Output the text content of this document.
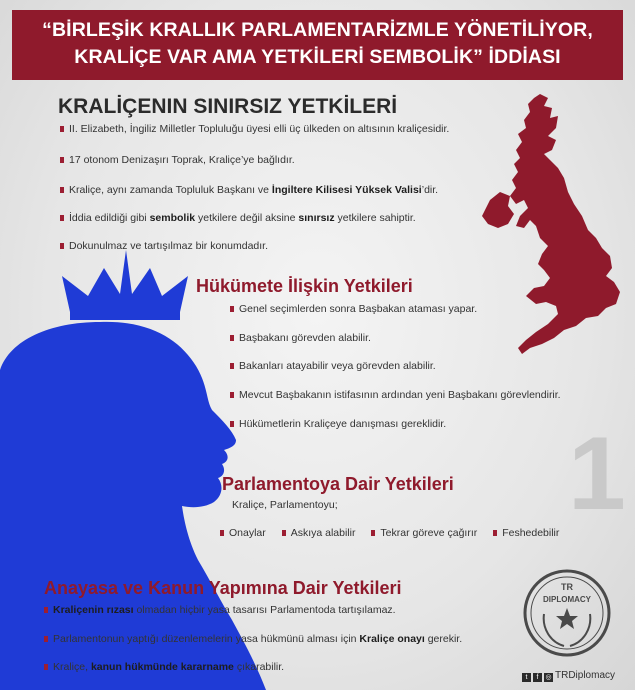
“BİRLEŞİK KRALLIK PARLAMENTARİZMLE YÖNETİLİYOR,
KRALİÇE VAR AMA YETKİLERİ SEMBOLİK” İDDİASI
KRALİÇENIN SINIRSIZ YETKİLERİ
II. Elizabeth, İngiliz Milletler Topluluğu üyesi elli üç ülkeden on altısının kraliçesidir.
17 otonom Denizaşırı Toprak, Kraliçe’ye bağlıdır.
Kraliçe, aynı zamanda Topluluk Başkanı ve İngiltere Kilisesi Yüksek Valisi’dir.
İddia edildiği gibi sembolik yetkilere değil aksine sınırsız yetkilere sahiptir.
Dokunulmaz ve tartışılmaz bir konumdadır.
Hükümete İlişkin Yetkileri
Genel seçimlerden sonra Başbakan ataması yapar.
Başbakanı görevden alabilir.
Bakanları atayabilir veya görevden alabilir.
Mevcut Başbakanın istifasının ardından yeni Başbakanı görevlendirir.
Hükümetlerin Kraliçeye danışması gereklidir. 1
Parlamentoya Dair Yetkileri
Kraliçe, Parlamentoyu;
Onaylar Askıya alabilir Tekrar göreve çağırır Feshedebilir
Anayasa ve Kanun Yapımına Dair Yetkileri
Kraliçenin rızası olmadan hiçbir yasa tasarısı Parlamentoda tartışılamaz.
Parlamentonun yaptığı düzenlemelerin yasa hükmünü alması için Kraliçe onayı gerekir.
Kraliçe, kanun hükmünde kararname çıkarabilir.
TR
DIPLOMACY
t f ◎ TRDiplomacy
